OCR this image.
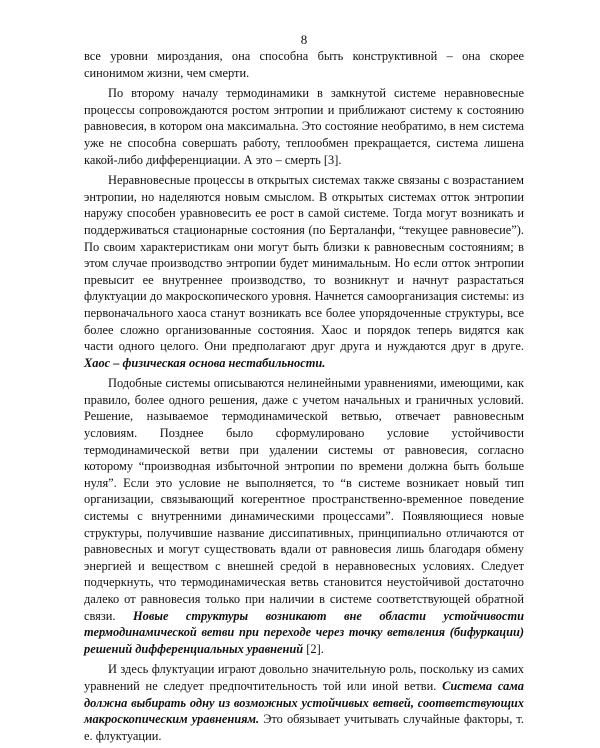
8

все уровни мироздания, она способна быть конструктивной – она скорее синонимом жизни, чем смерти.

По второму началу термодинамики в замкнутой системе неравновесные процессы сопровождаются ростом энтропии и приближают систему к состоянию равновесия, в котором она максимальна. Это состояние необратимо, в нем система уже не способна совершать работу, теплообмен прекращается, система лишена какой-либо дифференциации. А это – смерть [3].

Неравновесные процессы в открытых системах также связаны с возрастанием энтропии, но наделяются новым смыслом. В открытых системах отток энтропии наружу способен уравновесить ее рост в самой системе. Тогда могут возникать и поддерживаться стационарные состояния (по Берталанфи, “текущее равновесие”). По своим характеристикам они могут быть близки к равновесным состояниям; в этом случае производство энтропии будет минимальным. Но если отток энтропии превысит ее внутреннее производство, то возникнут и начнут разрастаться флуктуации до макроскопического уровня. Начнется самоорганизация системы: из первоначального хаоса станут возникать все более упорядоченные структуры, все более сложно организованные состояния. Хаос и порядок теперь видятся как части одного целого. Они предполагают друг друга и нуждаются друг в друге. Хаос – физическая основа нестабильности.

Подобные системы описываются нелинейными уравнениями, имеющими, как правило, более одного решения, даже с учетом начальных и граничных условий. Решение, называемое термодинамической ветвью, отвечает равновесным условиям. Позднее было сформулировано условие устойчивости термодинамической ветви при удалении системы от равновесия, согласно которому “производная избыточной энтропии по времени должна быть больше нуля”. Если это условие не выполняется, то “в системе возникает новый тип организации, связывающий когерентное пространственно-временное поведение системы с внутренними динамическими процессами”. Появляющиеся новые структуры, получившие название диссипативных, принципиально отличаются от равновесных и могут существовать вдали от равновесия лишь благодаря обмену энергией и веществом с внешней средой в неравновесных условиях. Следует подчеркнуть, что термодинамическая ветвь становится неустойчивой достаточно далеко от равновесия только при наличии в системе соответствующей обратной связи. Новые структуры возникают вне области устойчивости термодинамической ветви при переходе через точку ветвления (бифуркации) решений дифференциальных уравнений [2].

И здесь флуктуации играют довольно значительную роль, поскольку из самих уравнений не следует предпочтительность той или иной ветви. Система сама должна выбирать одну из возможных устойчивых ветвей, соответствующих макроскопическим уравнениям. Это обязывает учитывать случайные факторы, т. е. флуктуации.
